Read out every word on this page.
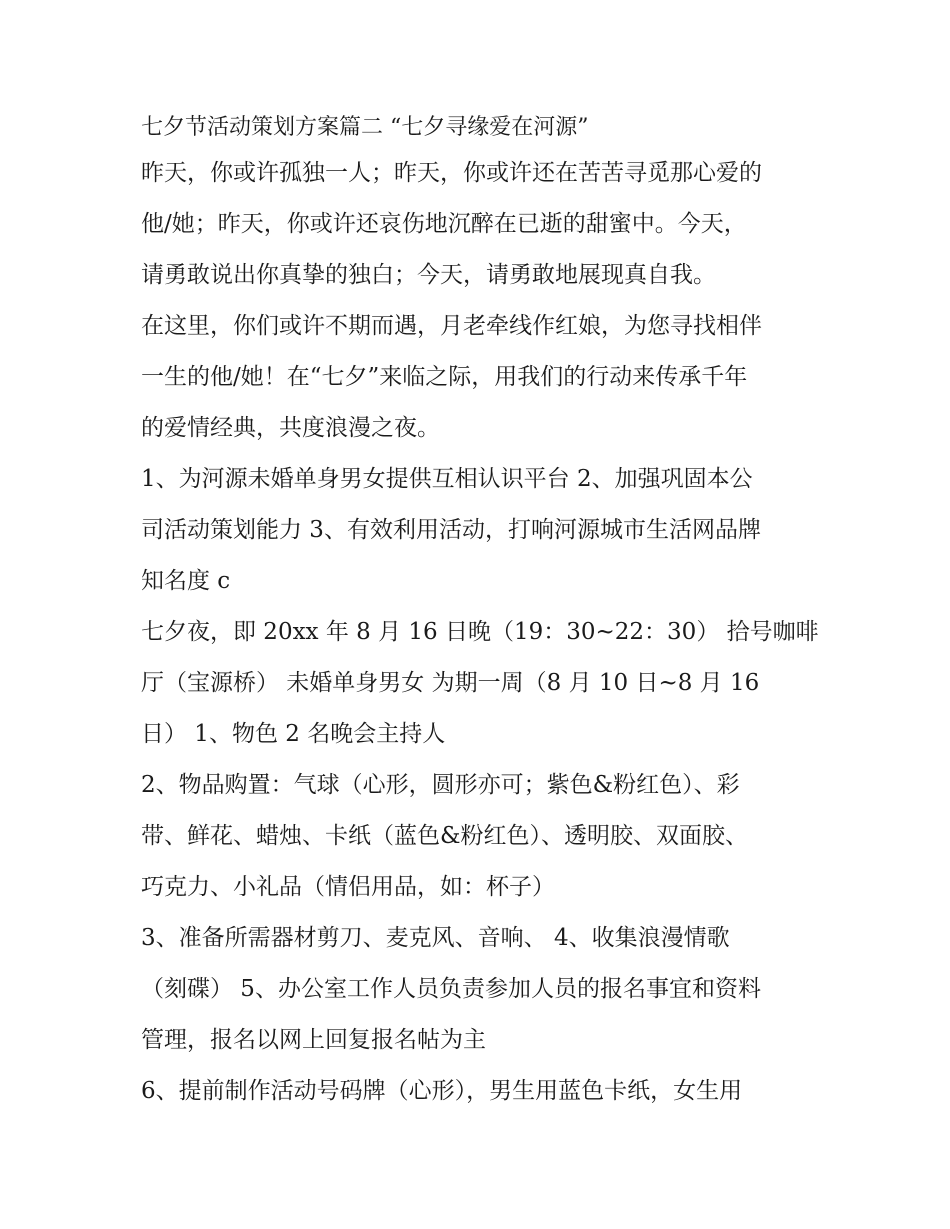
七夕节活动策划方案篇二 “七夕寻缘爱在河源”

昨天，你或许孤独一人；昨天，你或许还在苦苦寻觅那心爱的
他/她；昨天，你或许还哀伤地沉醉在已逝的甜蜜中。今天，
请勇敢说出你真挚的独白；今天，请勇敢地展现真自我。

在这里，你们或许不期而遇，月老牵线作红娘，为您寻找相伴
一生的他/她！在“七夕”来临之际，用我们的行动来传承千年
的爱情经典，共度浪漫之夜。

1、为河源未婚单身男女提供互相认识平台 2、加强巩固本公
司活动策划能力 3、有效利用活动，打响河源城市生活网品牌
知名度 c

七夕夜，即 20xx 年 8 月 16 日晚（19：30~22：30） 拾号咖啡
厅（宝源桥） 未婚单身男女 为期一周（8 月 10 日~8 月 16
日） 1、物色 2 名晚会主持人

2、物品购置：气球（心形，圆形亦可；紫色&粉红色）、彩
带、鲜花、蜡烛、卡纸（蓝色&粉红色）、透明胶、双面胶、
巧克力、小礼品（情侣用品，如：杯子）

3、准备所需器材剪刀、麦克风、音响、 4、收集浪漫情歌
（刻碟） 5、办公室工作人员负责参加人员的报名事宜和资料
管理，报名以网上回复报名帖为主

6、提前制作活动号码牌（心形），男生用蓝色卡纸，女生用
